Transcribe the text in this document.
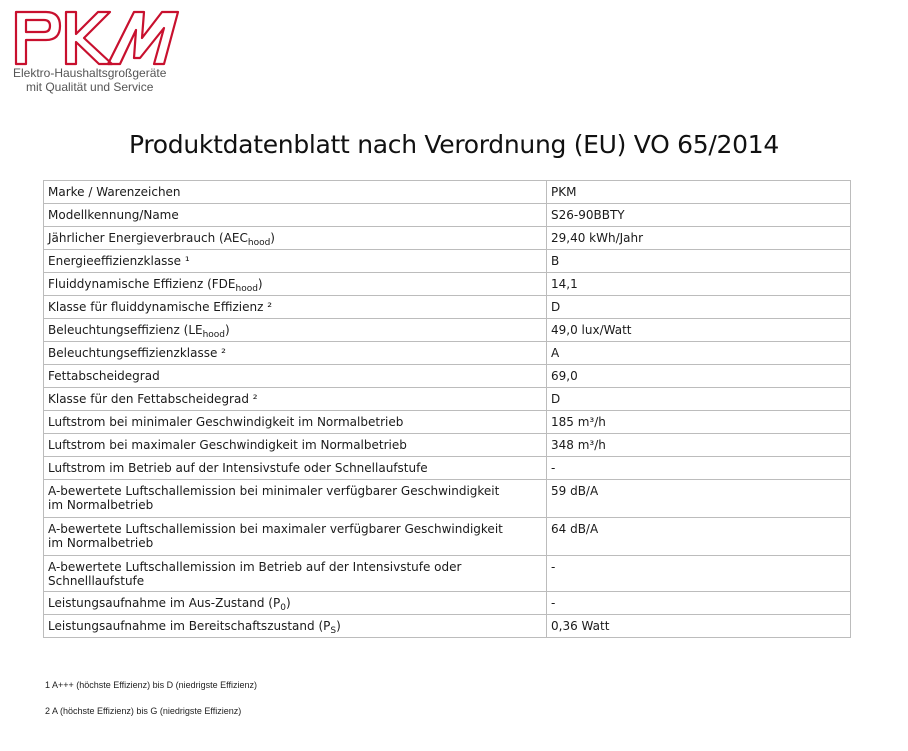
Elektro-Haushaltsgroßgeräte
mit Qualität und Service
Produktdatenblatt nach Verordnung (EU) VO 65/2014
Marke / Warenzeichen	PKM
Modellkennung/Name	S26-90BBTY
Jährlicher Energieverbrauch $(AEC_{hood})$	29,40 kWh/Jahr
Energieeffizienzklasse ¹	B
Fluiddynamische Effizienz $(FDE_{hood})$	14,1
Klasse für fluiddynamische Effizienz ²	D
Beleuchtungseffizienz $(LE_{hood})$	49,0 lux/Watt
Beleuchtungseffizienzklasse ²	A
Fettabscheidegrad	69,0
Klasse für den Fettabscheidegrad ²	D
Luftstrom bei minimaler Geschwindigkeit im Normalbetrieb	185 m³/h
Luftstrom bei maximaler Geschwindigkeit im Normalbetrieb	348 m³/h
Luftstrom im Betrieb auf der Intensivstufe oder Schnellaufstufe	-
A-bewertete Luftschallemission bei minimaler verfügbarer Geschwindigkeit
im Normalbetrieb	59 dB/A
A-bewertete Luftschallemission bei maximaler verfügbarer Geschwindigkeit
im Normalbetrieb	64 dB/A
A-bewertete Luftschallemission im Betrieb auf der Intensivstufe oder Schnelllaufstufe	-
Leistungsaufnahme im Aus-Zustand $(P_0)$	-
Leistungsaufnahme im Bereitschaftszustand $(P_S)$	0,36 Watt
1 A+++ (höchste Effizienz) bis D (niedrigste Effizienz)
2 A (höchste Effizienz) bis G (niedrigste Effizienz)
